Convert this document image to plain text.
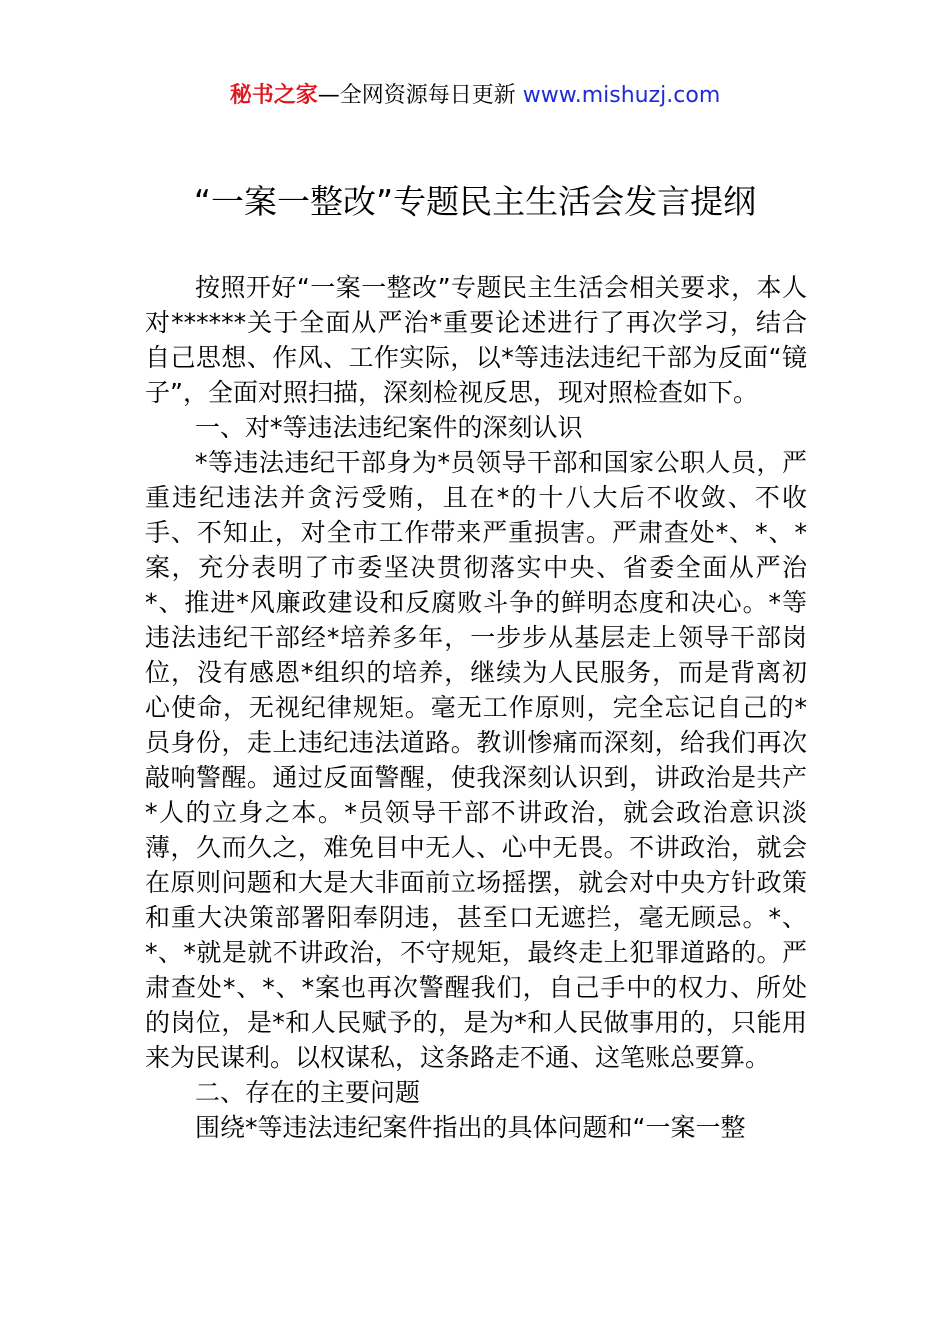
秘书之家—全网资源每日更新 www.mishuzj.com
“一案一整改”专题民主生活会发言提纲

按照开好“一案一整改”专题民主生活会相关要求，本人对******关于全面从严治*重要论述进行了再次学习，结合自己思想、作风、工作实际，以*等违法违纪干部为反面“镜子”，全面对照扫描，深刻检视反思，现对照检查如下。

一、对*等违法违纪案件的深刻认识

*等违法违纪干部身为*员领导干部和国家公职人员，严重违纪违法并贪污受贿，且在*的十八大后不收敛、不收手、不知止，对全市工作带来严重损害。严肃查处*、*、*案，充分表明了市委坚决贯彻落实中央、省委全面从严治*、推进*风廉政建设和反腐败斗争的鲜明态度和决心。*等违法违纪干部经*培养多年，一步步从基层走上领导干部岗位，没有感恩*组织的培养，继续为人民服务，而是背离初心使命，无视纪律规矩。毫无工作原则，完全忘记自己的*员身份，走上违纪违法道路。教训惨痛而深刻，给我们再次敲响警醒。通过反面警醒，使我深刻认识到，讲政治是共产*人的立身之本。*员领导干部不讲政治，就会政治意识淡薄，久而久之，难免目中无人、心中无畏。不讲政治，就会在原则问题和大是大非面前立场摇摆，就会对中央方针政策和重大决策部署阳奉阴违，甚至口无遮拦，毫无顾忌。*、*、*就是就不讲政治，不守规矩，最终走上犯罪道路的。严肃查处*、*、*案也再次警醒我们，自己手中的权力、所处的岗位，是*和人民赋予的，是为*和人民做事用的，只能用来为民谋利。以权谋私，这条路走不通、这笔账总要算。

二、存在的主要问题

围绕*等违法违纪案件指出的具体问题和“一案一整
